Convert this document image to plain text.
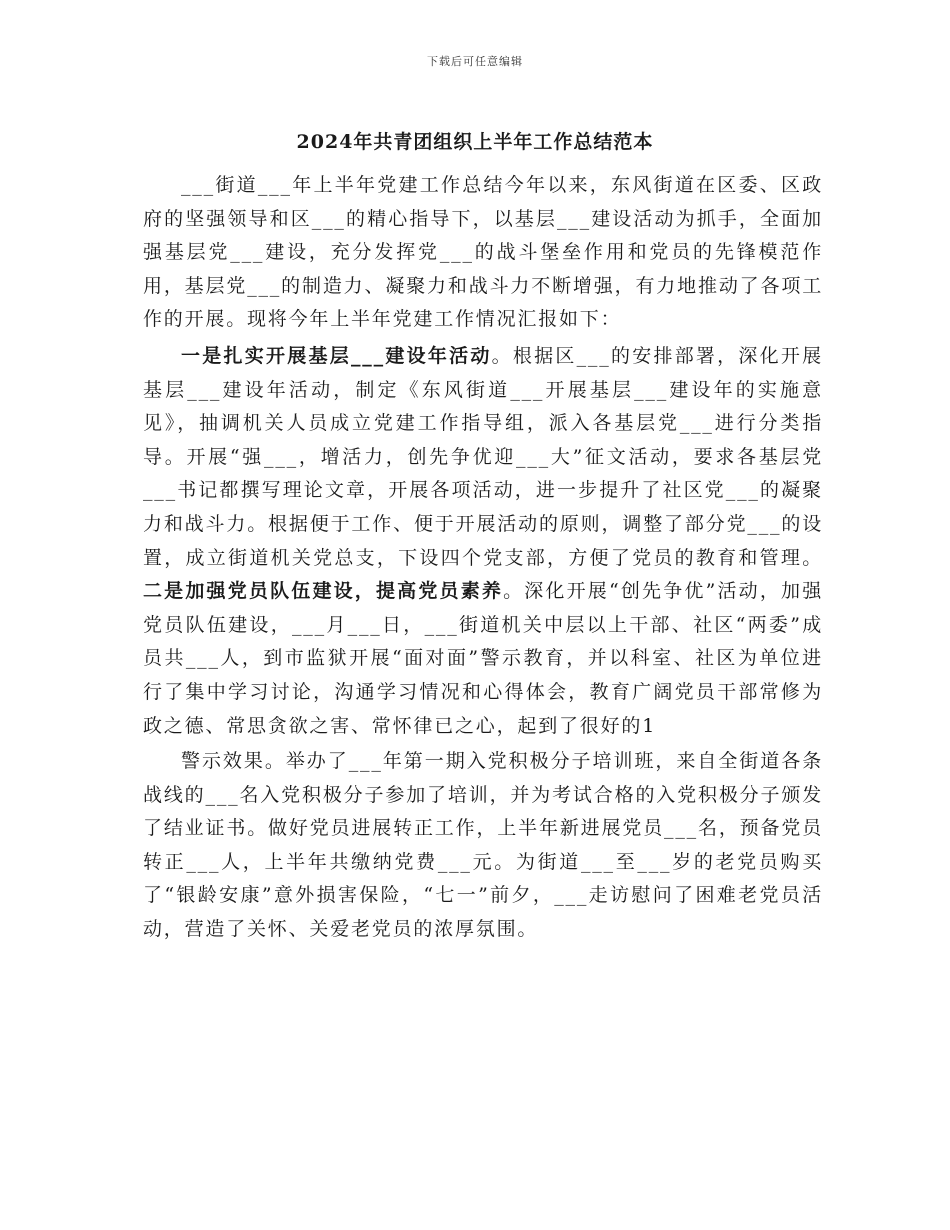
下载后可任意编辑
2024年共青团组织上半年工作总结范本

___街道___年上半年党建工作总结今年以来，东风街道在区委、区政府的坚强领导和区___的精心指导下，以基层___建设活动为抓手，全面加强基层党___建设，充分发挥党___的战斗堡垒作用和党员的先锋模范作用，基层党___的制造力、凝聚力和战斗力不断增强，有力地推动了各项工作的开展。现将今年上半年党建工作情况汇报如下：

一是扎实开展基层___建设年活动。根据区___的安排部署，深化开展基层___建设年活动，制定《东风街道___开展基层___建设年的实施意见》，抽调机关人员成立党建工作指导组，派入各基层党___进行分类指导。开展“强___，增活力，创先争优迎___大”征文活动，要求各基层党___书记都撰写理论文章，开展各项活动，进一步提升了社区党___的凝聚力和战斗力。根据便于工作、便于开展活动的原则，调整了部分党___的设置，成立街道机关党总支，下设四个党支部，方便了党员的教育和管理。二是加强党员队伍建设，提高党员素养。深化开展“创先争优”活动，加强党员队伍建设，___月___日，___街道机关中层以上干部、社区“两委”成员共___人，到市监狱开展“面对面”警示教育，并以科室、社区为单位进行了集中学习讨论，沟通学习情况和心得体会，教育广阔党员干部常修为政之德、常思贪欲之害、常怀律已之心，起到了很好的1

警示效果。举办了___年第一期入党积极分子培训班，来自全街道各条战线的___名入党积极分子参加了培训，并为考试合格的入党积极分子颁发了结业证书。做好党员进展转正工作，上半年新进展党员___名，预备党员转正___人，上半年共缴纳党费___元。为街道___至___岁的老党员购买了“银龄安康”意外损害保险，“七一”前夕，___走访慰问了困难老党员活动，营造了关怀、关爱老党员的浓厚氛围。
